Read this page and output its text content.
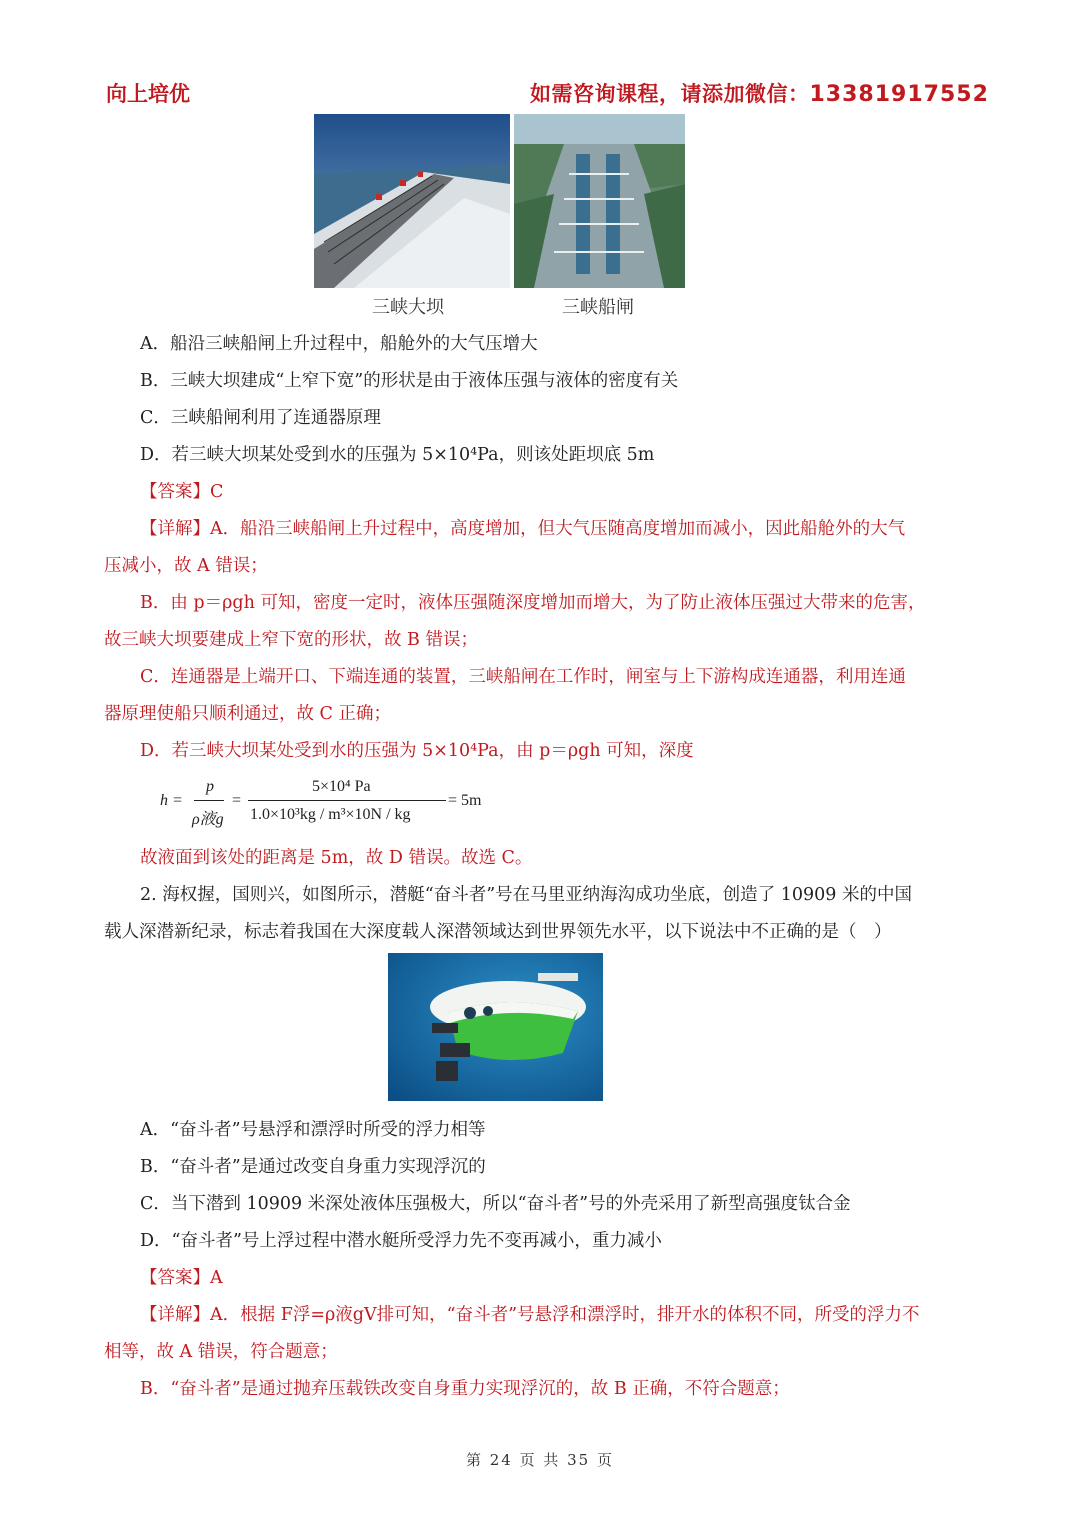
向上培优	如需咨询课程，请添加微信：13381917552
三峡大坝	三峡船闸
A．船沿三峡船闸上升过程中，船舱外的大气压增大
B．三峡大坝建成“上窄下宽”的形状是由于液体压强与液体的密度有关
C．三峡船闸利用了连通器原理
D．若三峡大坝某处受到水的压强为 5×10⁴Pa，则该处距坝底 5m
【答案】C
【详解】A．船沿三峡船闸上升过程中，高度增加，但大气压随高度增加而减小，因此船舱外的大气
压减小，故 A 错误；
B．由 p＝ρgh 可知，密度一定时，液体压强随深度增加而增大，为了防止液体压强过大带来的危害，
故三峡大坝要建成上窄下宽的形状，故 B 错误；
C．连通器是上端开口、下端连通的装置，三峡船闸在工作时，闸室与上下游构成连通器，利用连通
器原理使船只顺利通过，故 C 正确；
D．若三峡大坝某处受到水的压强为 5×10⁴Pa，由 p＝ρgh 可知，深度
h =
p
ρ液g
=
5×10⁴ Pa
1.0×10³kg / m³×10N / kg
= 5m
故液面到该处的距离是 5m，故 D 错误。故选 C。
2. 海权握，国则兴，如图所示，潜艇“奋斗者”号在马里亚纳海沟成功坐底，创造了 10909 米的中国
载人深潜新纪录，标志着我国在大深度载人深潜领域达到世界领先水平，以下说法中不正确的是（　）
A．“奋斗者”号悬浮和漂浮时所受的浮力相等
B．“奋斗者”是通过改变自身重力实现浮沉的
C．当下潜到 10909 米深处液体压强极大，所以“奋斗者”号的外壳采用了新型高强度钛合金
D．“奋斗者”号上浮过程中潜水艇所受浮力先不变再减小，重力减小
【答案】A
【详解】A．根据 F浮=ρ液gV排可知，“奋斗者”号悬浮和漂浮时，排开水的体积不同，所受的浮力不
相等，故 A 错误，符合题意；
B．“奋斗者”是通过抛弃压载铁改变自身重力实现浮沉的，故 B 正确，不符合题意；
第 24 页 共 35 页
